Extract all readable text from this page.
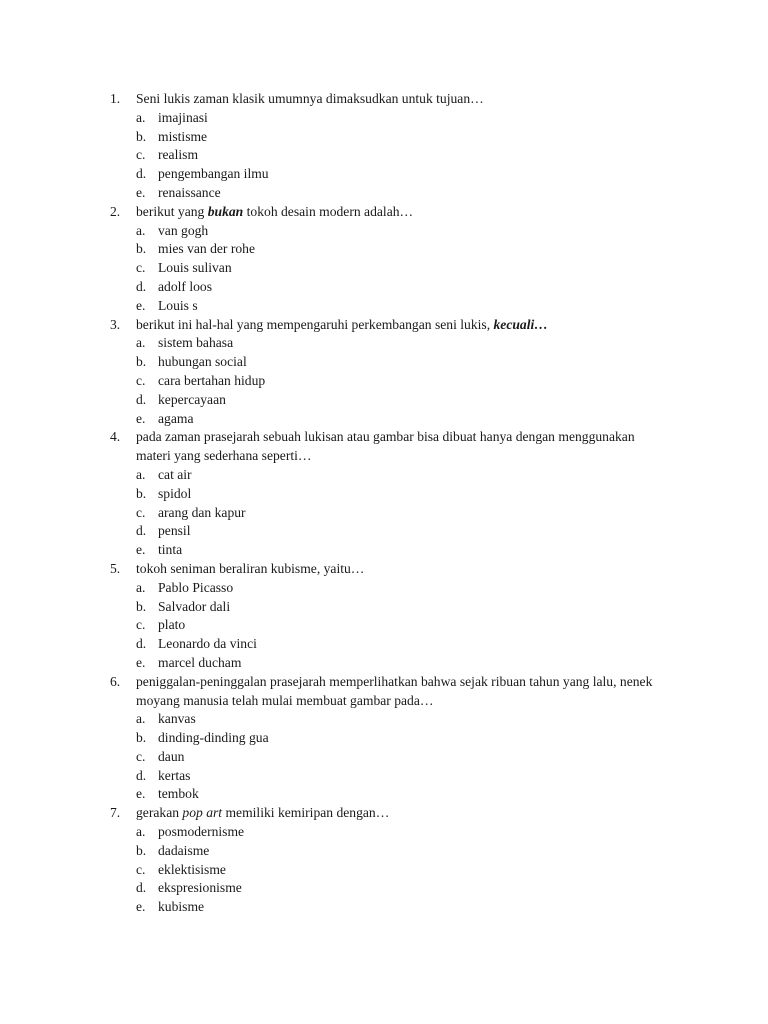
1.	Seni lukis zaman klasik umumnya dimaksudkan untuk tujuan…
a. imajinasi
b. mistisme
c. realism
d. pengembangan ilmu
e. renaissance
2.	berikut yang bukan tokoh desain modern adalah…
a. van gogh
b. mies van der rohe
c. Louis sulivan
d. adolf loos
e. Louis s
3.	berikut ini hal-hal yang mempengaruhi perkembangan seni lukis, kecuali…
a. sistem bahasa
b. hubungan social
c. cara bertahan hidup
d. kepercayaan
e. agama
4.	pada zaman prasejarah sebuah lukisan atau gambar bisa dibuat hanya dengan menggunakan materi yang sederhana seperti…
a. cat air
b. spidol
c. arang dan kapur
d. pensil
e. tinta
5.	tokoh seniman beraliran kubisme, yaitu…
a. Pablo Picasso
b. Salvador dali
c. plato
d. Leonardo da vinci
e. marcel ducham
6.	peniggalan-peninggalan prasejarah memperlihatkan bahwa sejak ribuan tahun yang lalu, nenek moyang manusia telah mulai membuat gambar pada…
a. kanvas
b. dinding-dinding gua
c. daun
d. kertas
e. tembok
7.	gerakan pop art memiliki kemiripan dengan…
a. posmodernisme
b. dadaisme
c. eklektisisme
d. ekspresionisme
e. kubisme
